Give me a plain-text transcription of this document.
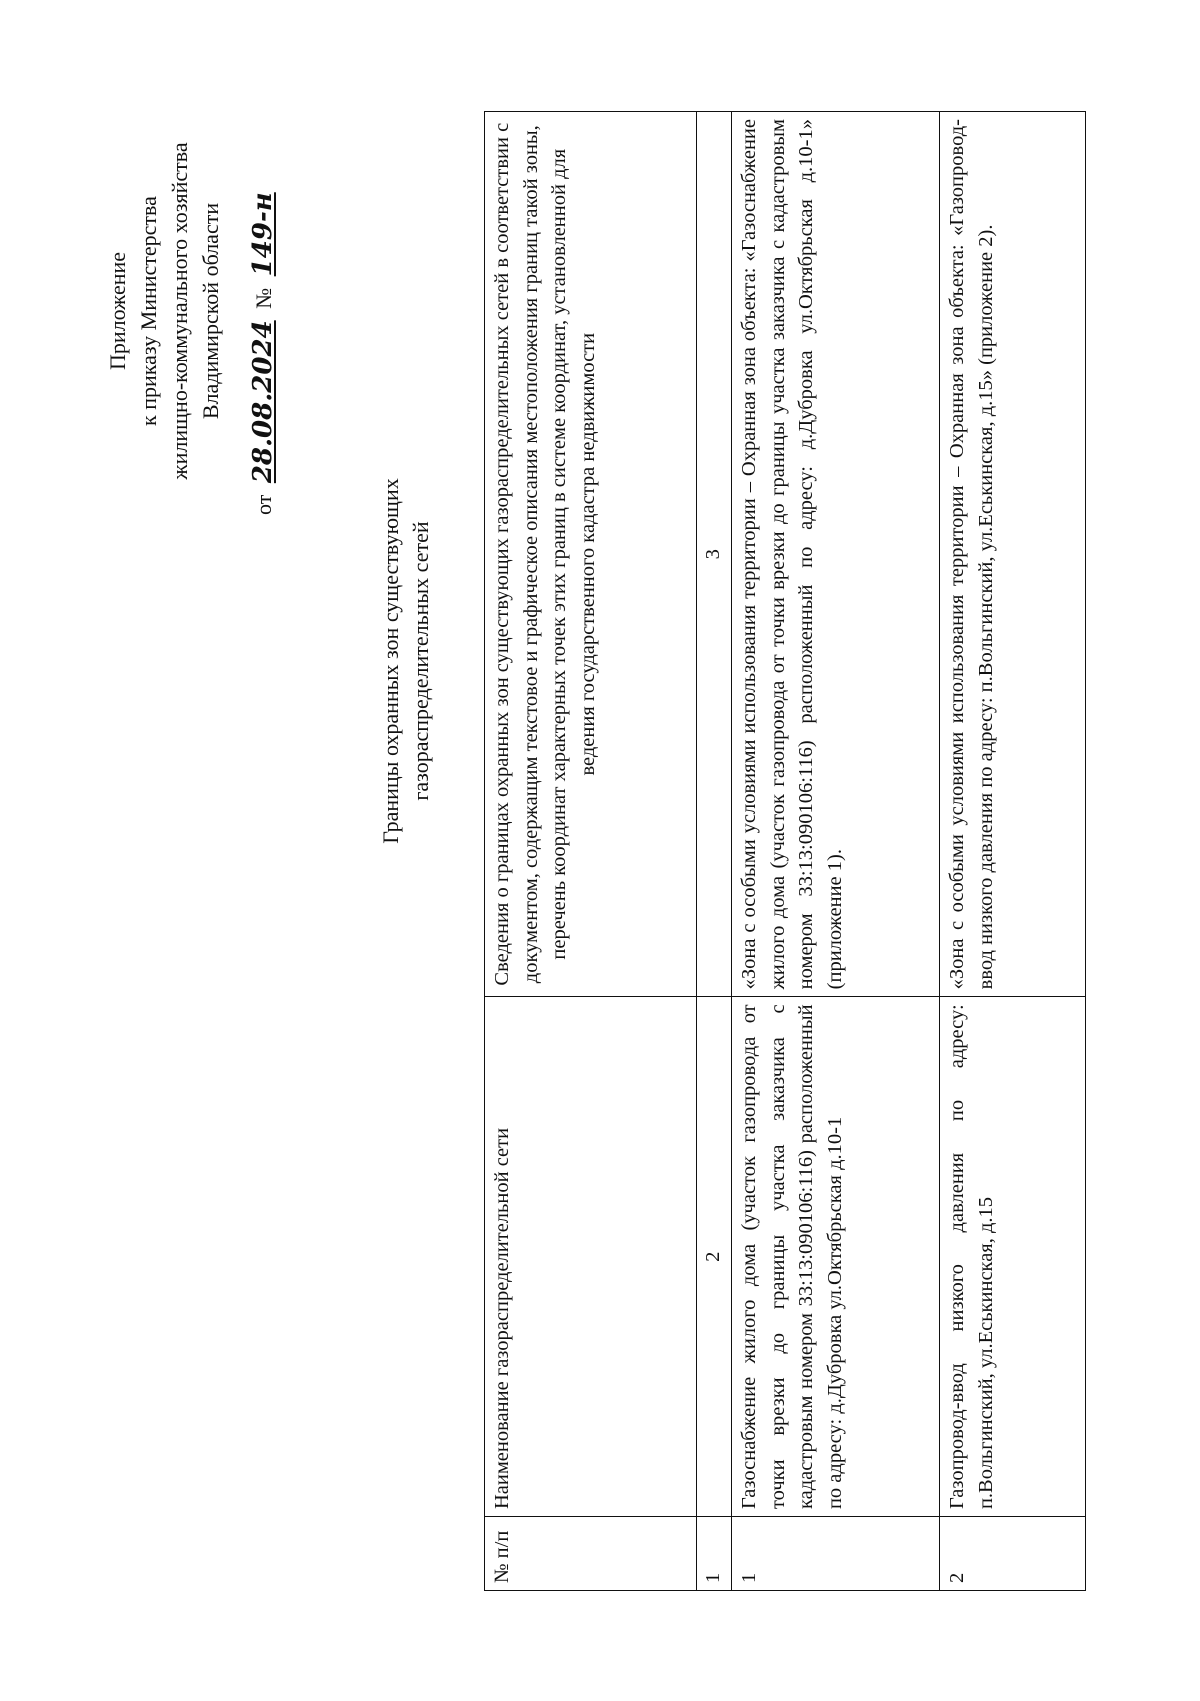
Приложение к приказу Министерства жилищно-коммунального хозяйства Владимирской области
от 28.08.2024 № 149-н
Границы охранных зон существующих газораспределительных сетей
№ п/п	Наименование газораспределительной сети	Сведения о границах охранных зон существующих газораспределительных сетей в соответствии с документом, содержащим текстовое и графическое описания местоположения границ такой зоны, перечень координат характерных точек этих границ в системе координат, установленной для ведения государственного кадастра недвижимости
1	2	3
1	Газоснабжение жилого дома (участок газопровода от точки врезки до границы участка заказчика с кадастровым номером 33:13:090106:116) расположенный по адресу: д.Дубровка ул.Октябрьская д.10-1	«Зона с особыми условиями использования территории – Охранная зона объекта: «Газоснабжение жилого дома (участок газопровода от точки врезки до границы участка заказчика с кадастровым номером 33:13:090106:116) расположенный по адресу: д.Дубровка ул.Октябрьская д.10-1» (приложение 1).
2	Газопровод-ввод низкого давления по адресу: п.Вольгинский, ул.Еськинская, д.15	«Зона с особыми условиями использования территории – Охранная зона объекта: «Газопровод-ввод низкого давления по адресу: п.Вольгинский, ул.Еськинская, д.15» (приложение 2).
